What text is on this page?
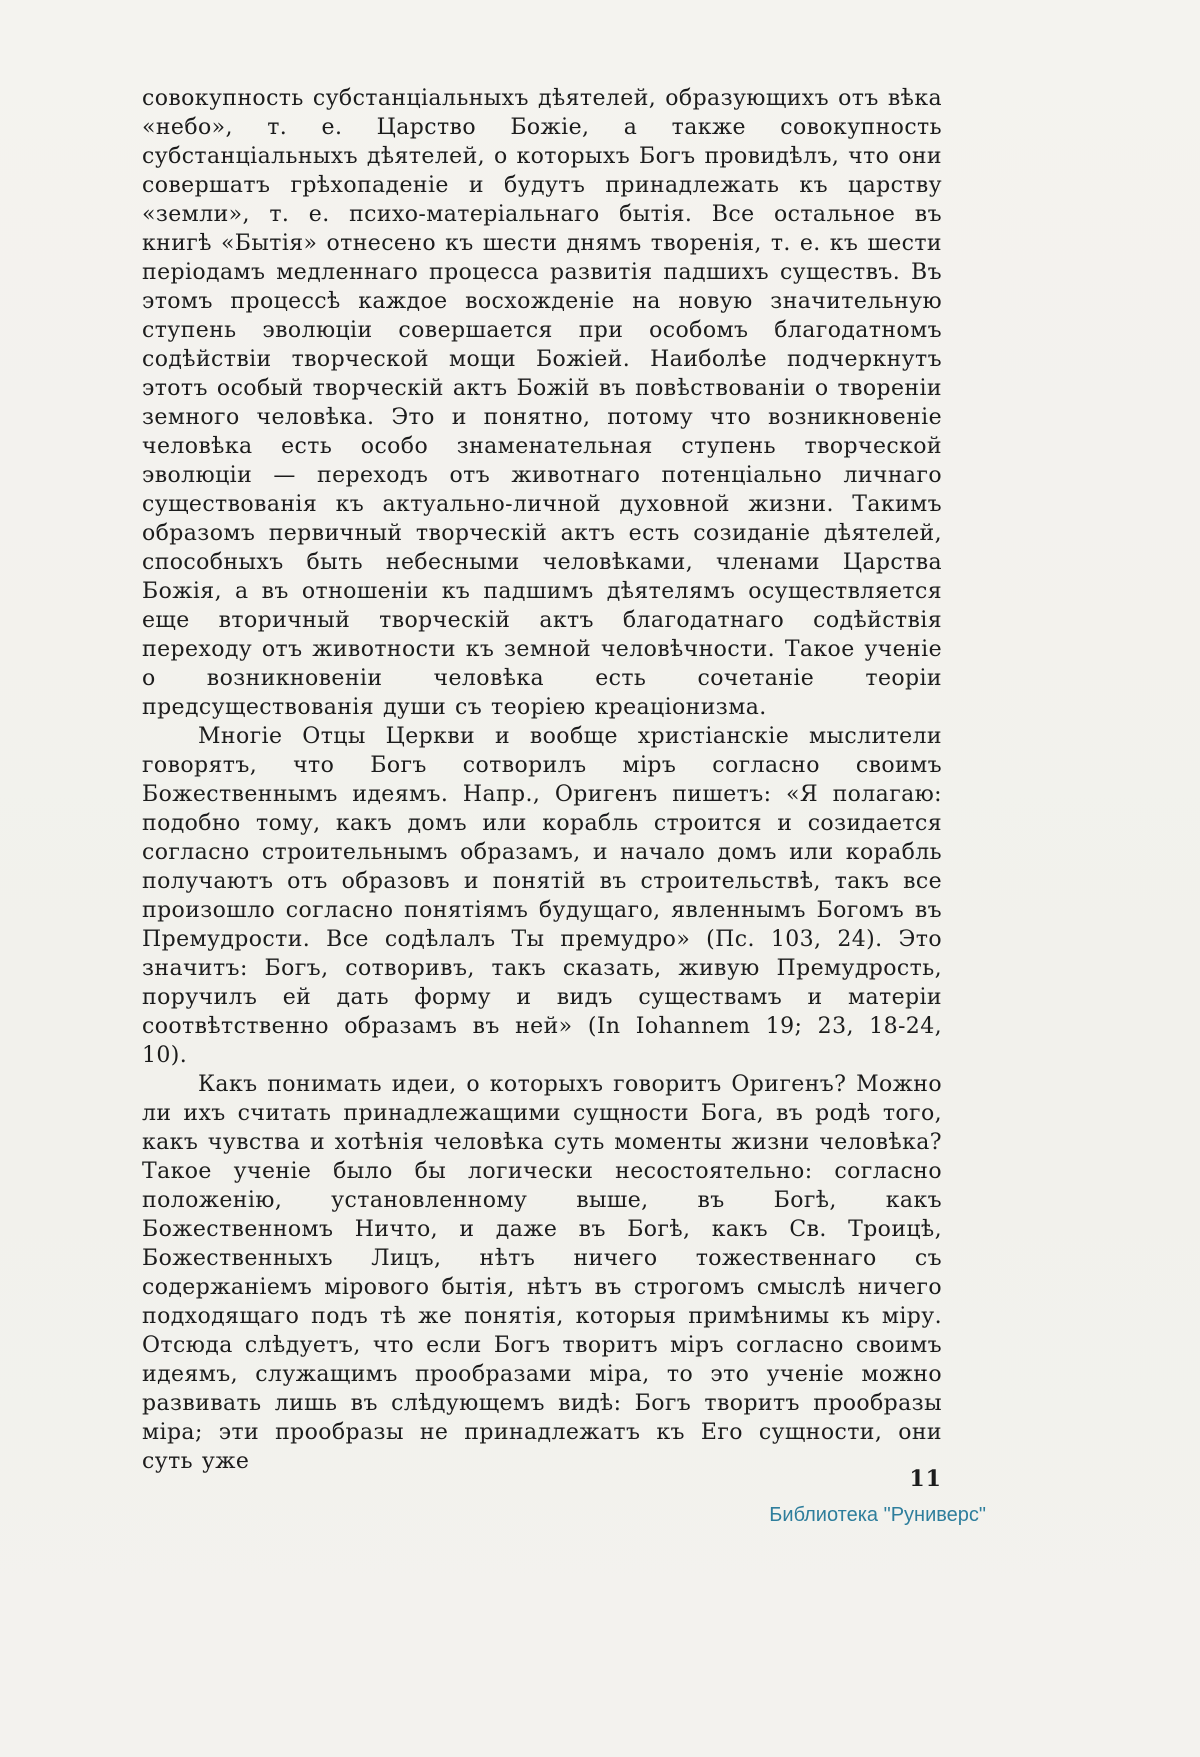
совокупность субстанціальныхъ дѣятелей, образующихъ отъ вѣка «небо», т. е. Царство Божіе, а также совокупность субстанціальныхъ дѣятелей, о которыхъ Богъ провидѣлъ, что они совершатъ грѣхопаденіе и будутъ принадлежать къ царству «земли», т. е. психо-матеріальнаго бытія. Все остальное въ книгѣ «Бытія» отнесено къ шести днямъ творенія, т. е. къ шести періодамъ медленнаго процесса развитія падшихъ существъ. Въ этомъ процессѣ каждое восхожденіе на новую значительную ступень эволюціи совершается при особомъ благодатномъ содѣйствіи творческой мощи Божіей. Наиболѣе подчеркнутъ этотъ особый творческій актъ Божій въ повѣствованіи о твореніи земного человѣка. Это и понятно, потому что возникновеніе человѣка есть особо знаменательная ступень творческой эволюціи — переходъ отъ животнаго потенціально личнаго существованія къ актуально-личной духовной жизни. Такимъ образомъ первичный творческій актъ есть созиданіе дѣятелей, способныхъ быть небесными человѣками, членами Царства Божія, а въ отношеніи къ падшимъ дѣятелямъ осуществляется еще вторичный творческій актъ благодатнаго содѣйствія переходу отъ животности къ земной человѣчности. Такое ученіе о возникновеніи человѣка есть сочетаніе теоріи предсуществованія души съ теоріею креаціонизма.

Многіе Отцы Церкви и вообще христіанскіе мыслители говорятъ, что Богъ сотворилъ міръ согласно своимъ Божественнымъ идеямъ. Напр., Оригенъ пишетъ: «Я полагаю: подобно тому, какъ домъ или корабль строится и созидается согласно строительнымъ образамъ, и начало домъ или корабль получаютъ отъ образовъ и понятій въ строительствѣ, такъ все произошло согласно понятіямъ будущаго, явленнымъ Богомъ въ Премудрости. Все содѣлалъ Ты премудро» (Пс. 103, 24). Это значитъ: Богъ, сотворивъ, такъ сказать, живую Премудрость, поручилъ ей дать форму и видъ существамъ и матеріи соотвѣтственно образамъ въ ней» (In Iohannem 19; 23, 18-24, 10).

Какъ понимать идеи, о которыхъ говоритъ Оригенъ? Можно ли ихъ считать принадлежащими сущности Бога, въ родѣ того, какъ чувства и хотѣнія человѣка суть моменты жизни человѣка? Такое ученіе было бы логически несостоятельно: согласно положенію, установленному выше, въ Богѣ, какъ Божественномъ Ничто, и даже въ Богѣ, какъ Св. Троицѣ, Божественныхъ Лицъ, нѣтъ ничего тожественнаго съ содержаніемъ мірового бытія, нѣтъ въ строгомъ смыслѣ ничего подходящаго подъ тѣ же понятія, которыя примѣнимы къ міру. Отсюда слѣдуетъ, что если Богъ творитъ міръ согласно своимъ идеямъ, служащимъ прообразами міра, то это ученіе можно развивать лишь въ слѣдующемъ видѣ: Богъ творитъ прообразы міра; эти прообразы не принадлежатъ къ Его сущности, они суть уже

11
Библиотека "Руниверс"
